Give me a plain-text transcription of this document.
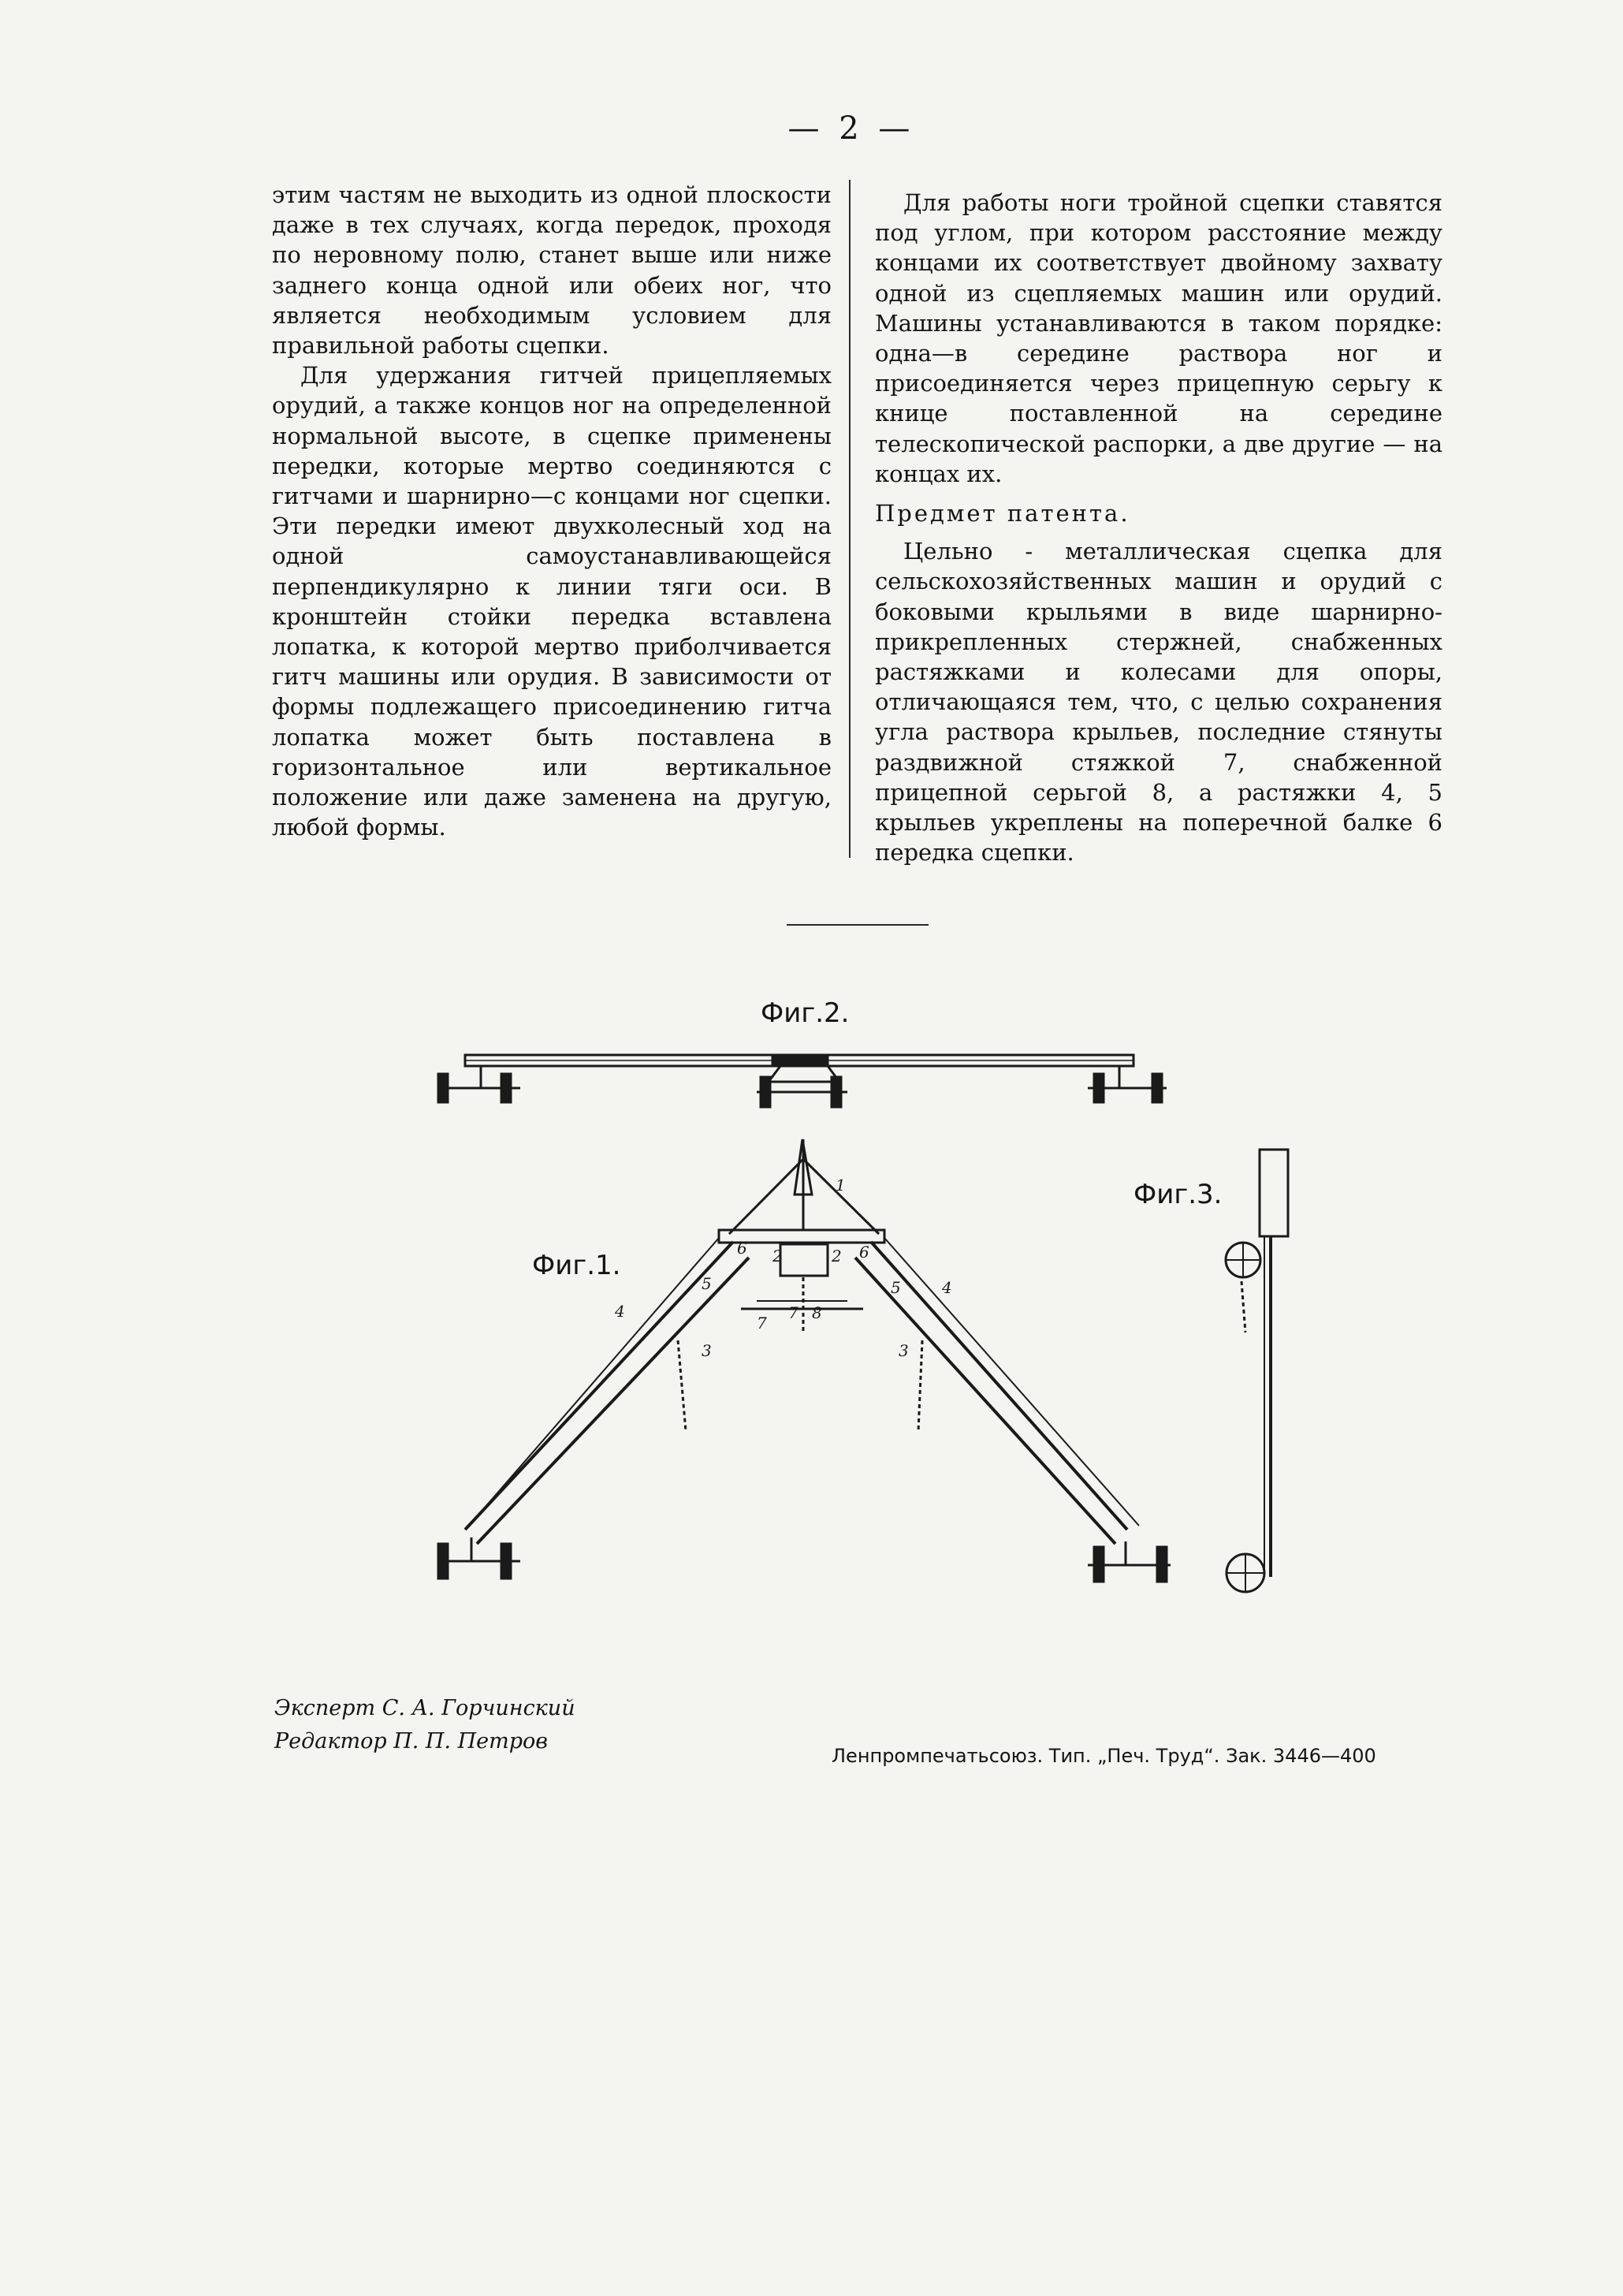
— 2 —

этим частям не выходить из одной плоскости даже в тех случаях, когда передок, проходя по неровному полю, станет выше или ниже заднего конца одной или обеих ног, что является необходимым условием для правильной работы сцепки.

Для удержания гитчей прицепляемых орудий, а также концов ног на определенной нормальной высоте, в сцепке применены передки, которые мертво соединяются с гитчами и шарнирно—с концами ног сцепки. Эти передки имеют двухколесный ход на одной самоустанавливающейся перпендикулярно к линии тяги оси. В кронштейн стойки передка вставлена лопатка, к которой мертво приболчивается гитч машины или орудия. В зависимости от формы подлежащего присоединению гитча лопатка может быть поставлена в горизонтальное или вертикальное положение или даже заменена на другую, любой формы.

Для работы ноги тройной сцепки ставятся под углом, при котором расстояние между концами их соответствует двойному захвату одной из сцепляемых машин или орудий. Машины устанавливаются в таком порядке: одна—в середине раствора ног и присоединяется через прицепную серьгу к книце поставленной на середине телескопической распорки, а две другие — на концах их.

Предмет патента.

Цельно - металлическая сцепка для сельскохозяйственных машин и орудий с боковыми крыльями в виде шарнирно-прикрепленных стержней, снабженных растяжками и колесами для опоры, отличающаяся тем, что, с целью сохранения угла раствора крыльев, последние стянуты раздвижной стяжкой 7, снабженной прицепной серьгой 8, а растяжки 4, 5 крыльев укреплены на поперечной балке 6 передка сцепки.

Фиг.2.
Фиг.1.
Фиг.3.
1
2
2
3	3
4
4
5	5
6	6
7
7 8
Эксперт С. А. Горчинский
Редактор П. П. Петров
Ленпромпечатьсоюз. Тип. „Печ. Труд“. Зак. 3446—400
